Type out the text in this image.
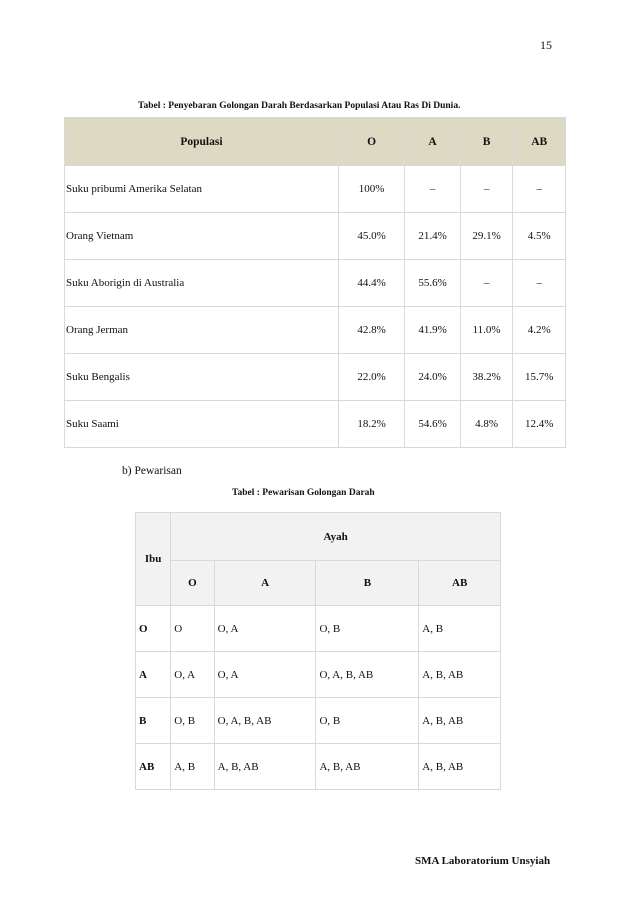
15
Tabel : Penyebaran Golongan Darah Berdasarkan Populasi Atau Ras Di Dunia.
Populasi	O	A	B	AB
Suku pribumi Amerika Selatan	100%	–	–	–
Orang Vietnam	45.0%	21.4%	29.1%	4.5%
Suku Aborigin di Australia	44.4%	55.6%	–	–
Orang Jerman	42.8%	41.9%	11.0%	4.2%
Suku Bengalis	22.0%	24.0%	38.2%	15.7%
Suku Saami	18.2%	54.6%	4.8%	12.4%
b) Pewarisan
Tabel : Pewarisan Golongan Darah
Ibu	Ayah			
	O	A	B	AB
O	O	O, A	O, B	A, B
A	O, A	O, A	O, A, B, AB	A, B, AB
B	O, B	O, A, B, AB	O, B	A, B, AB
AB	A, B	A, B, AB	A, B, AB	A, B, AB
SMA Laboratorium Unsyiah
